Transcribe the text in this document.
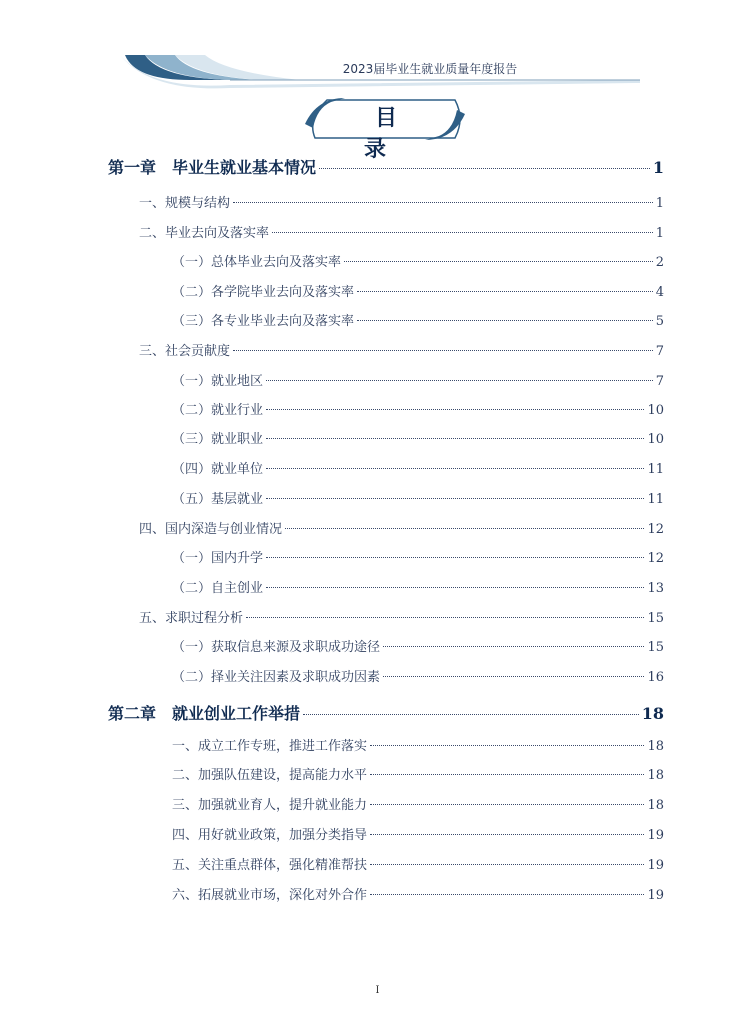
2023届毕业生就业质量年度报告
目 录
第一章　毕业生就业基本情况	1
一、规模与结构	1
二、毕业去向及落实率	1
（一）总体毕业去向及落实率	2
（二）各学院毕业去向及落实率	4
（三）各专业毕业去向及落实率	5
三、社会贡献度	7
（一）就业地区	7
（二）就业行业	10
（三）就业职业	10
（四）就业单位	11
（五）基层就业	11
四、国内深造与创业情况	12
（一）国内升学	12
（二）自主创业	13
五、求职过程分析	15
（一）获取信息来源及求职成功途径	15
（二）择业关注因素及求职成功因素	16
第二章　就业创业工作举措	18
一、成立工作专班，推进工作落实	18
二、加强队伍建设，提高能力水平	18
三、加强就业育人，提升就业能力	18
四、用好就业政策，加强分类指导	19
五、关注重点群体，强化精准帮扶	19
六、拓展就业市场，深化对外合作	19
I
